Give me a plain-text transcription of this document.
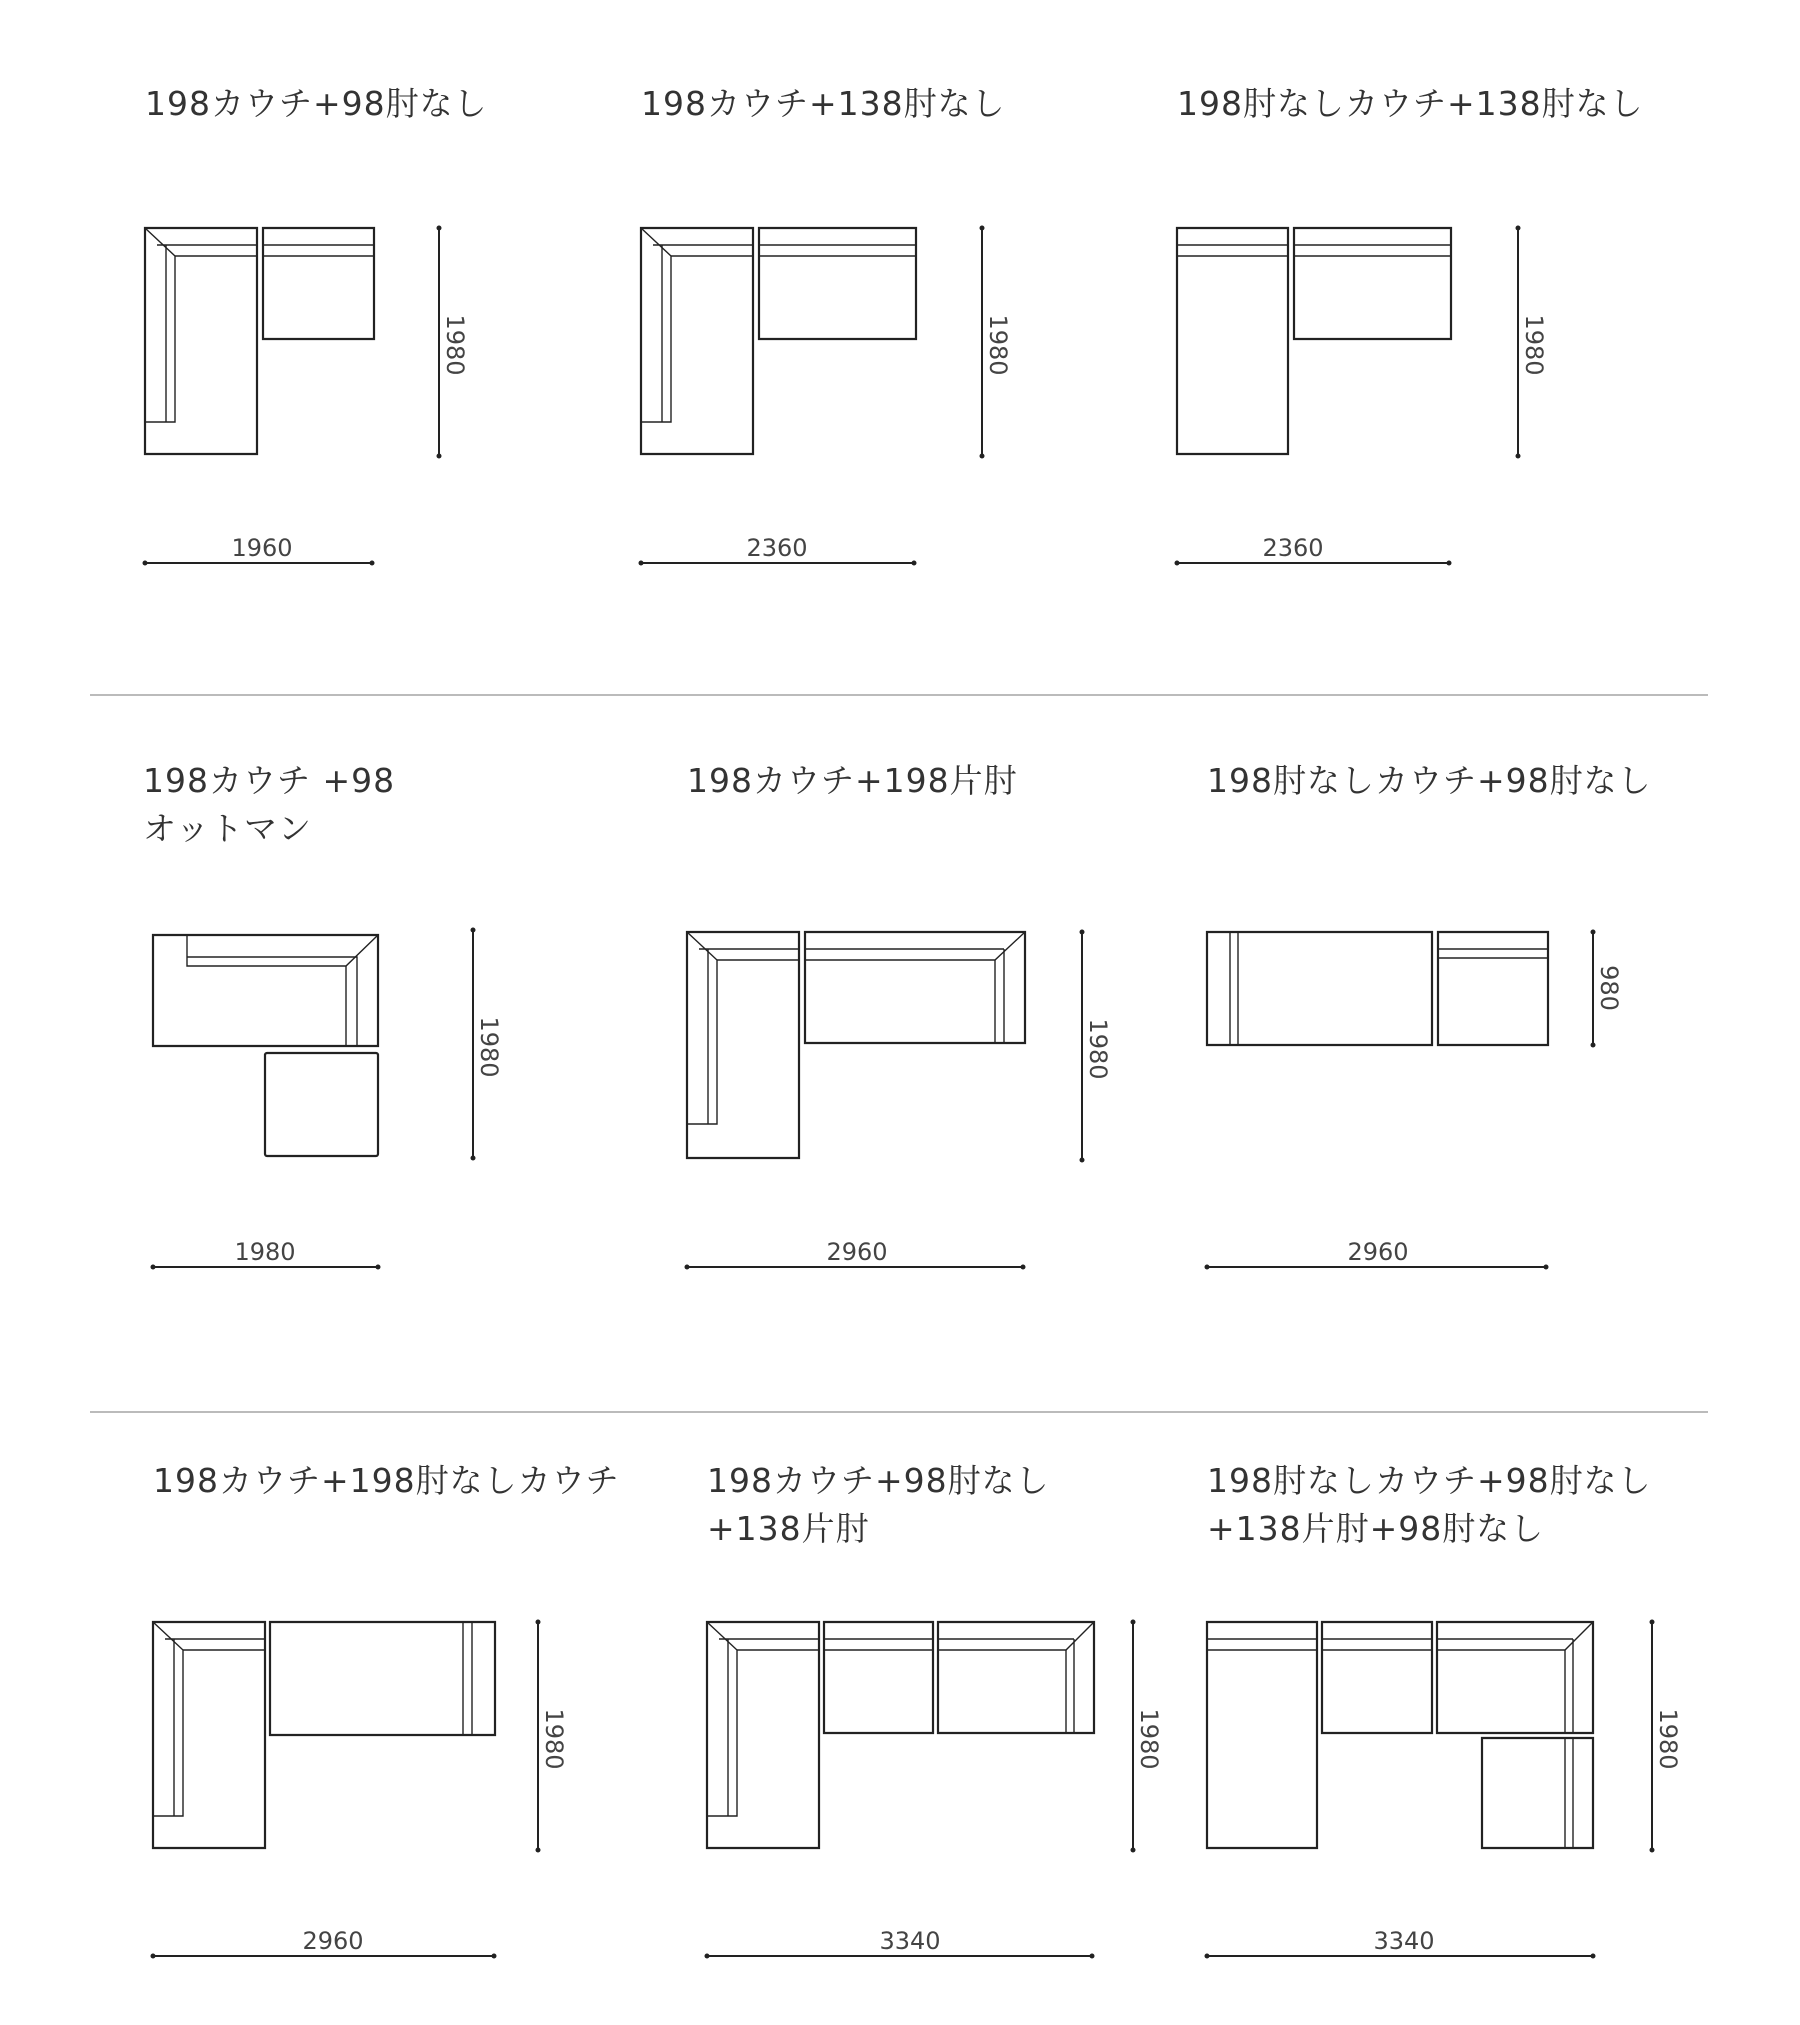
198カウチ+98肘なし
1980
1960
198カウチ+138肘なし
1980
2360
198肘なしカウチ+138肘なし
1980
2360
198カウチ +98
オットマン
1980
1980
198カウチ+198片肘
1980
2960
198肘なしカウチ+98肘なし
980
2960
198カウチ+198肘なしカウチ
1980
2960
198カウチ+98肘なし
+138片肘
1980
3340
198肘なしカウチ+98肘なし
+138片肘+98肘なし
1980
3340
